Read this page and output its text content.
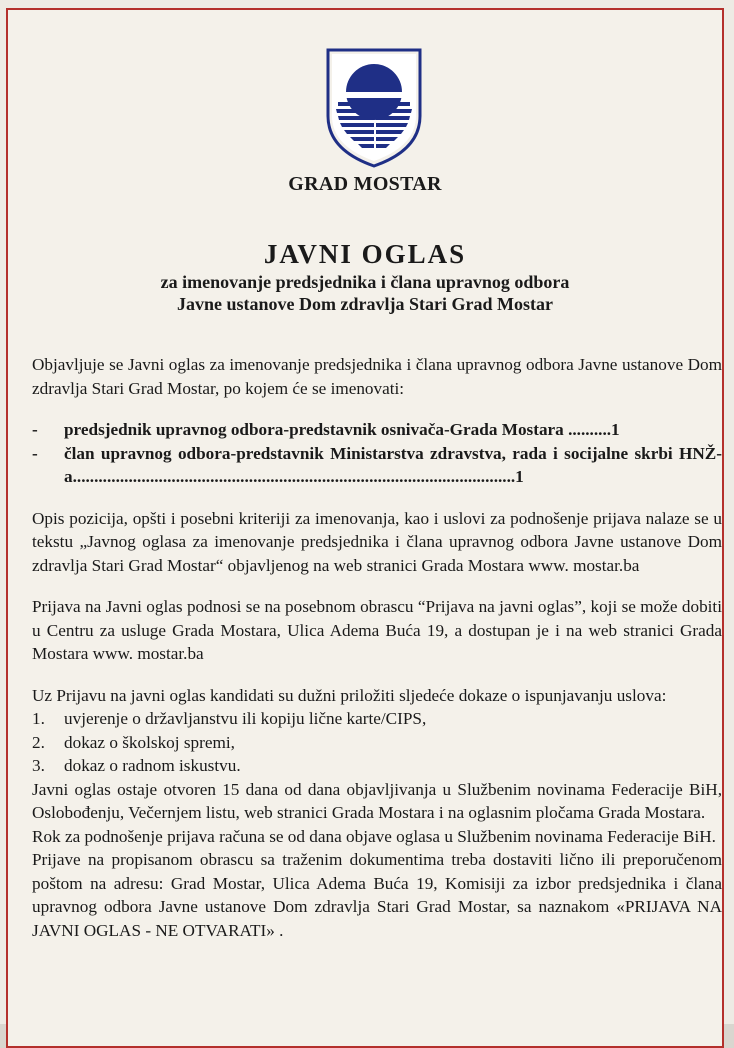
GRAD MOSTAR
JAVNI OGLAS
za imenovanje predsjednika i člana upravnog odbora
Javne ustanove Dom zdravlja Stari Grad Mostar

Objavljuje se Javni oglas za imenovanje predsjednika i člana upravnog odbora Javne ustanove Dom zdravlja Stari Grad Mostar, po kojem će se imenovati:

-	predsjednik upravnog odbora-predstavnik osnivača-Grada Mostara ..........1
-	član upravnog odbora-predstavnik Ministarstva zdravstva, rada i socijalne skrbi HNŽ-a.......................................................................................................1

Opis pozicija, opšti i posebni kriteriji za imenovanja, kao i uslovi za podnošenje prijava nalaze se u tekstu „Javnog oglasa za imenovanje predsjednika i člana upravnog odbora Javne ustanove Dom zdravlja Stari Grad Mostar“ objavljenog na web stranici Grada Mostara www. mostar.ba

Prijava na Javni oglas podnosi se na posebnom obrascu “Prijava na javni oglas”, koji se može dobiti u Centru za usluge Grada Mostara, Ulica Adema Buća 19, a dostupan je i na web stranici Grada Mostara www. mostar.ba

Uz Prijavu na javni oglas kandidati su dužni priložiti sljedeće dokaze o ispunjavanju uslova:

1.	uvjerenje o državljanstvu ili kopiju lične karte/CIPS,
2.	dokaz o školskoj spremi,
3.	dokaz o radnom iskustvu.

Javni oglas ostaje otvoren 15 dana od dana objavljivanja u Službenim novinama Federacije BiH, Oslobođenju, Večernjem listu, web stranici Grada Mostara i na oglasnim pločama Grada Mostara.

Rok za podnošenje prijava računa se od dana objave oglasa u Službenim novinama Federacije BiH.

Prijave na propisanom obrascu sa traženim dokumentima treba dostaviti lično ili preporučenom poštom na adresu: Grad Mostar, Ulica Adema Buća 19, Komisiji za izbor predsjednika i člana upravnog odbora Javne ustanove Dom zdravlja Stari Grad Mostar, sa naznakom «PRIJAVA NA JAVNI OGLAS - NE OTVARATI» .
